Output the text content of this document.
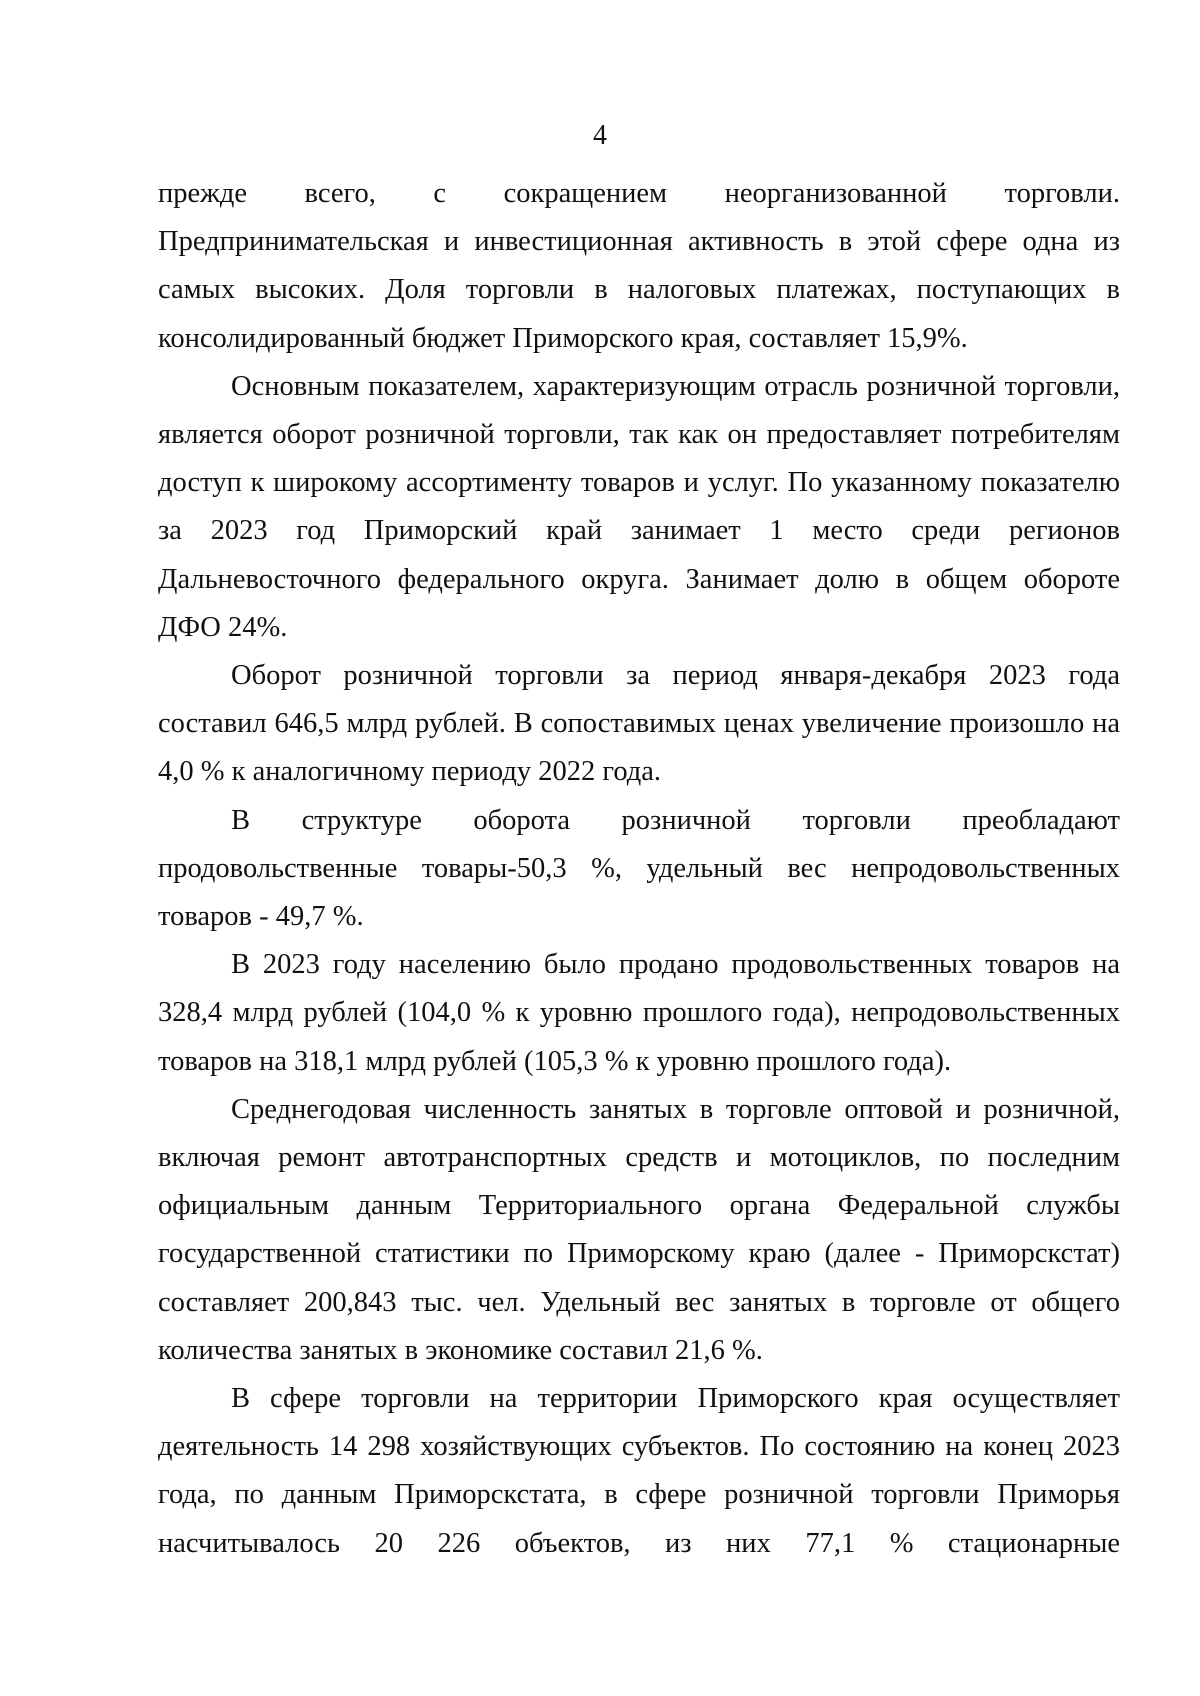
4

прежде всего, с сокращением неорганизованной торговли. Предпринимательская и инвестиционная активность в этой сфере одна из самых высоких. Доля торговли в налоговых платежах, поступающих в консолидированный бюджет Приморского края, составляет 15,9%.

Основным показателем, характеризующим отрасль розничной торговли, является оборот розничной торговли, так как он предоставляет потребителям доступ к широкому ассортименту товаров и услуг. По указанному показателю за 2023 год Приморский край занимает 1 место среди регионов Дальневосточного федерального округа. Занимает долю в общем обороте ДФО 24%.

Оборот розничной торговли за период января-декабря 2023 года составил 646,5 млрд рублей. В сопоставимых ценах увеличение произошло на 4,0 % к аналогичному периоду 2022 года.

В структуре оборота розничной торговли преобладают продовольственные товары-50,3 %, удельный вес непродовольственных товаров - 49,7 %.

В 2023 году населению было продано продовольственных товаров на 328,4 млрд рублей (104,0 % к уровню прошлого года), непродовольственных товаров на 318,1 млрд рублей (105,3 % к уровню прошлого года).

Среднегодовая численность занятых в торговле оптовой и розничной, включая ремонт автотранспортных средств и мотоциклов, по последним официальным данным Территориального органа Федеральной службы государственной статистики по Приморскому краю (далее - Приморскстат) составляет 200,843 тыс. чел. Удельный вес занятых в торговле от общего количества занятых в экономике составил 21,6 %.

В сфере торговли на территории Приморского края осуществляет деятельность 14 298 хозяйствующих субъектов. По состоянию на конец 2023 года, по данным Приморскстата, в сфере розничной торговли Приморья насчитывалось 20 226 объектов, из них 77,1 % стационарные
